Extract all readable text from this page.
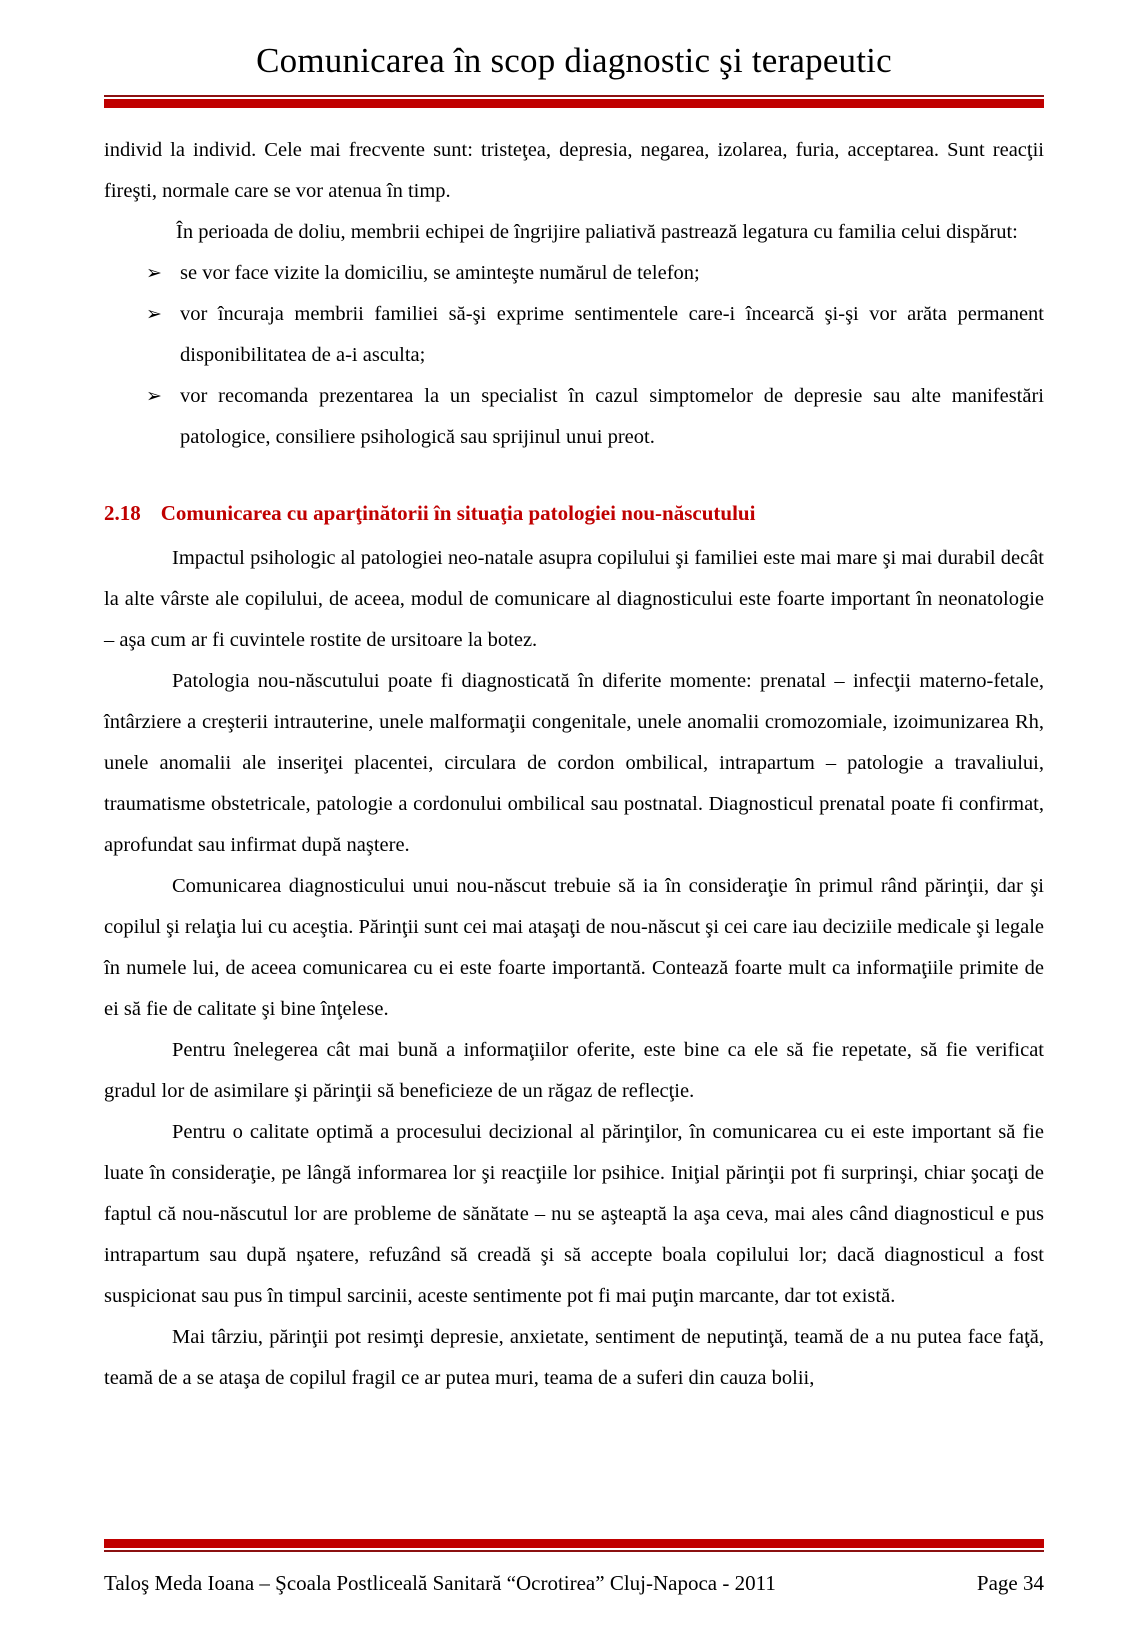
Comunicarea în scop diagnostic şi terapeutic

individ la individ. Cele mai frecvente sunt: tristeţea, depresia, negarea, izolarea, furia, acceptarea. Sunt reacţii fireşti, normale care se vor atenua în timp.

În perioada de doliu, membrii echipei de îngrijire paliativă pastrează legatura cu familia celui dispărut:

➢ se vor face vizite la domiciliu, se aminteşte numărul de telefon;
➢ vor încuraja membrii familiei să-şi exprime sentimentele care-i încearcă şi-şi vor arăta permanent disponibilitatea de a-i asculta;
➢ vor recomanda prezentarea la un specialist în cazul simptomelor de depresie sau alte manifestări patologice, consiliere psihologică sau sprijinul unui preot.
2.18 Comunicarea cu aparţinătorii în situaţia patologiei nou-născutului

Impactul psihologic al patologiei neo-natale asupra copilului şi familiei este mai mare şi mai durabil decât la alte vârste ale copilului, de aceea, modul de comunicare al diagnosticului este foarte important în neonatologie – aşa cum ar fi cuvintele rostite de ursitoare la botez.

Patologia nou-născutului poate fi diagnosticată în diferite momente: prenatal – infecţii materno-fetale, întârziere a creşterii intrauterine, unele malformaţii congenitale, unele anomalii cromozomiale, izoimunizarea Rh, unele anomalii ale inseriţei placentei, circulara de cordon ombilical, intrapartum – patologie a travaliului, traumatisme obstetricale, patologie a cordonului ombilical sau postnatal. Diagnosticul prenatal poate fi confirmat, aprofundat sau infirmat după naştere.

Comunicarea diagnosticului unui nou-născut trebuie să ia în consideraţie în primul rând părinţii, dar şi copilul şi relaţia lui cu aceştia. Părinţii sunt cei mai ataşaţi de nou-născut şi cei care iau deciziile medicale şi legale în numele lui, de aceea comunicarea cu ei este foarte importantă. Contează foarte mult ca informaţiile primite de ei să fie de calitate şi bine înţelese.

Pentru înelegerea cât mai bună a informaţiilor oferite, este bine ca ele să fie repetate, să fie verificat gradul lor de asimilare şi părinţii să beneficieze de un răgaz de reflecţie.

Pentru o calitate optimă a procesului decizional al părinţilor, în comunicarea cu ei este important să fie luate în consideraţie, pe lângă informarea lor şi reacţiile lor psihice. Iniţial părinţii pot fi surprinşi, chiar şocaţi de faptul că nou-născutul lor are probleme de sănătate – nu se aşteaptă la aşa ceva, mai ales când diagnosticul e pus intrapartum sau după nşatere, refuzând să creadă şi să accepte boala copilului lor; dacă diagnosticul a fost suspicionat sau pus în timpul sarcinii, aceste sentimente pot fi mai puţin marcante, dar tot există.

Mai târziu, părinţii pot resimţi depresie, anxietate, sentiment de neputinţă, teamă de a nu putea face faţă, teamă de a se ataşa de copilul fragil ce ar putea muri, teama de a suferi din cauza bolii,

Taloş Meda Ioana – Şcoala Postliceală Sanitară “Ocrotirea” Cluj-Napoca - 2011	Page 34
